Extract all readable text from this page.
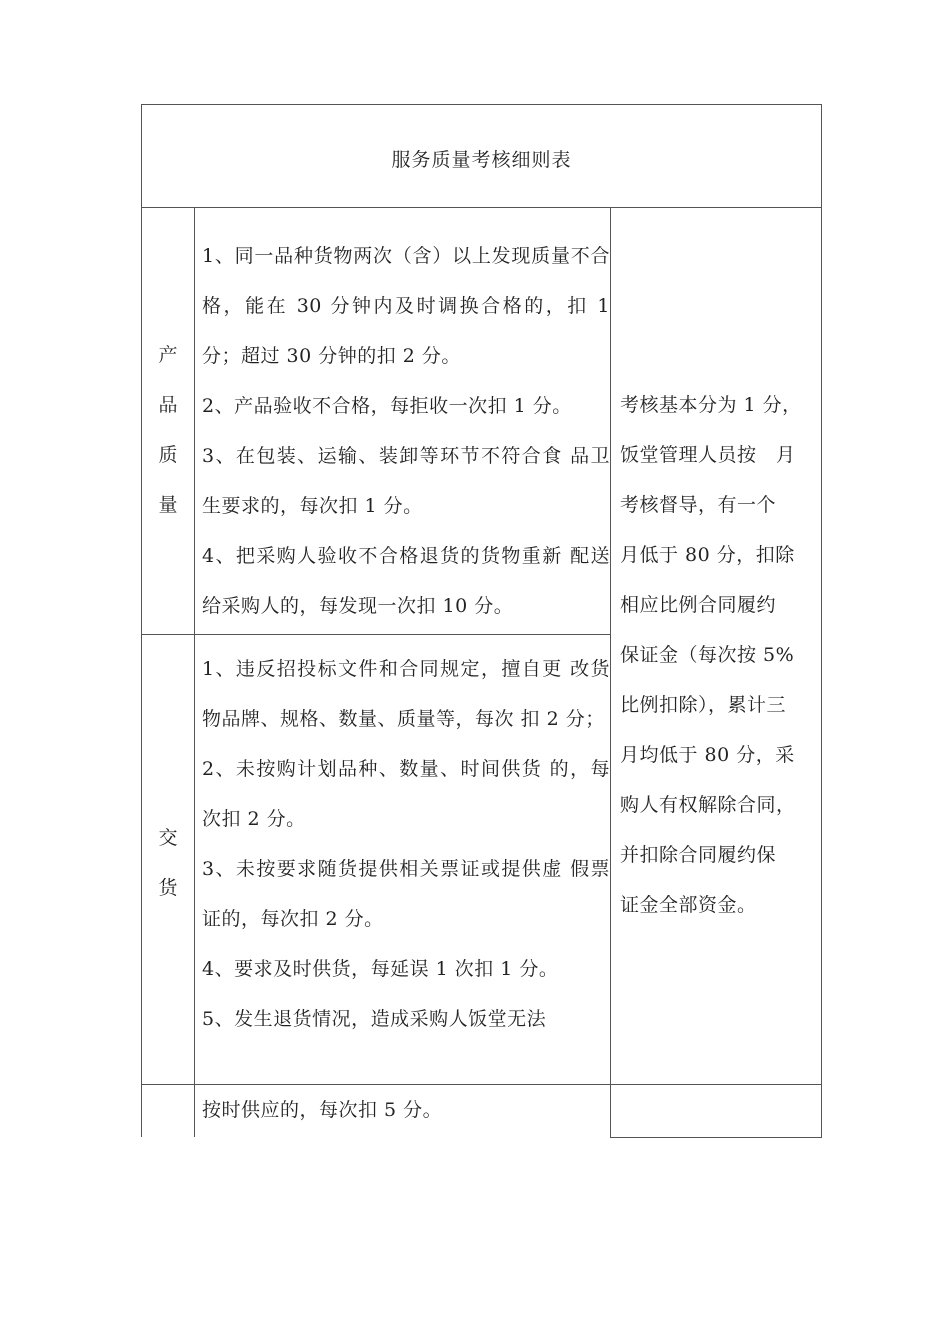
服务质量考核细则表
产
品
质
量

1、同一品种货物两次（含）以上发现质量不合格，能在 30 分钟内及时调换合格的，扣 1 分；超过 30 分钟的扣 2 分。

2、产品验收不合格，每拒收一次扣 1 分。

3、在包装、运输、装卸等环节不符合食 品卫生要求的，每次扣 1 分。

4、把采购人验收不合格退货的货物重新 配送给采购人的，每发现一次扣 10 分。

交
货

1、违反招投标文件和合同规定，擅自更 改货物品牌、规格、数量、质量等，每次 扣 2 分；

2、未按购计划品种、数量、时间供货 的，每次扣 2 分。

3、未按要求随货提供相关票证或提供虚 假票证的，每次扣 2 分。

4、要求及时供货，每延误 1 次扣 1 分。

5、发生退货情况，造成采购人饭堂无法

考核基本分为 1 分，
饭堂管理人员按　月
考核督导，有一个
月低于 80 分，扣除
相应比例合同履约
保证金（每次按 5%
比例扣除），累计三
月均低于 80 分，采
购人有权解除合同，
并扣除合同履约保
证金全部资金。
按时供应的，每次扣 5 分。
